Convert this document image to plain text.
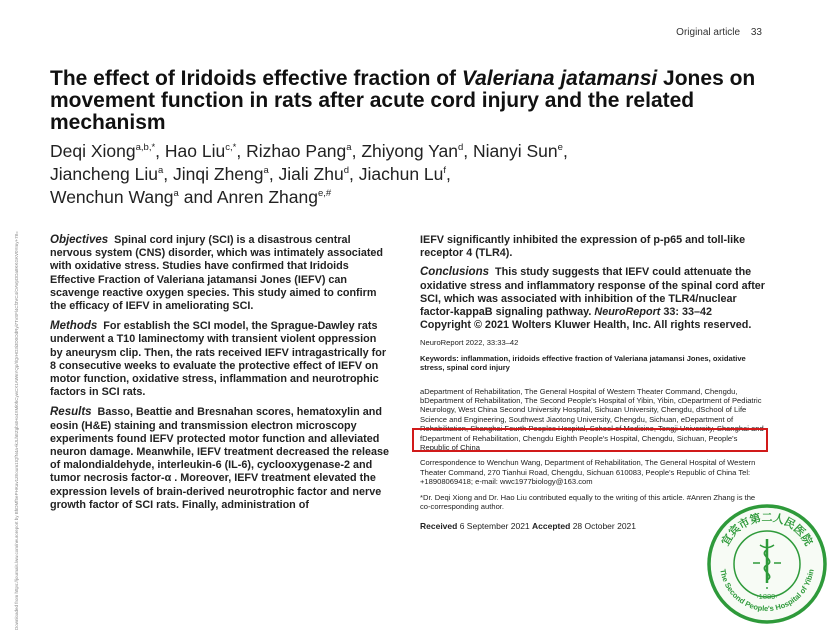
Original article 33
The effect of Iridoids effective fraction of Valeriana jatamansi Jones on movement function in rats after acute cord injury and the related mechanism
Deqi Xiong$^{a,b,*}$, Hao Liu$^{c,*}$, Rizhao Pang$^a$, Zhiyong Yan$^d$, Nianyi Sun$^e$,
Jiancheng Liu$^a$, Jinqi Zheng$^a$, Jiali Zhu$^d$, Jiachun Lu$^f$,
Wenchun Wang$^a$ and Anren Zhang$^{e,\#}$
Downloaded from https://journals.lww.com/neuroreport by BhDMf5ePHKav1zEoum1tQfN4a+kJLhEZgbsIHo4XMi0hCywCX1AWnYQp/IlQrHD3i3D0OdRyi7TvSFl4Cf3VC4/OAVpDDa8KKGKV0Ymy+78=	Objectives Spinal cord injury (SCI) is a disastrous central nervous system (CNS) disorder, which was intimately associated with oxidative stress. Studies have confirmed that Iridoids Effective Fraction of Valeriana jatamansi Jones (IEFV) can scavenge reactive oxygen species. This study aimed to confirm the efficacy of IEFV in ameliorating SCI.

Methods For establish the SCI model, the Sprague-Dawley rats underwent a T10 laminectomy with transient violent oppression by aneurysm clip. Then, the rats received IEFV intragastrically for 8 consecutive weeks to evaluate the protective effect of IEFV on motor function, oxidative stress, inflammation and neurotrophic factors in SCI rats.

Results Basso, Beattie and Bresnahan scores, hematoxylin and eosin (H&E) staining and transmission electron microscopy experiments found IEFV protected motor function and alleviated neuron damage. Meanwhile, IEFV treatment decreased the release of malondialdehyde, interleukin-6 (IL-6), cyclooxygenase-2 and tumor necrosis factor-α . Moreover, IEFV treatment elevated the expression levels of brain-derived neurotrophic factor and nerve growth factor of SCI rats. Finally, administration of

IEFV significantly inhibited the expression of p-p65 and toll-like receptor 4 (TLR4).

Conclusions This study suggests that IEFV could attenuate the oxidative stress and inflammatory response of the spinal cord after SCI, which was associated with inhibition of the TLR4/nuclear factor-kappaB signaling pathway. NeuroReport 33: 33–42 Copyright © 2021 Wolters Kluwer Health, Inc. All rights reserved.

NeuroReport 2022, 33:33–42

Keywords: inflammation, iridoids effective fraction of Valeriana jatamansi Jones, oxidative stress, spinal cord injury

aDepartment of Rehabilitation, The General Hospital of Western Theater Command, Chengdu, bDepartment of Rehabilitation, The Second People's Hospital of Yibin, Yibin, cDepartment of Pediatric Neurology, West China Second University Hospital, Sichuan University, Chengdu, dSchool of Life Science and Engineering, Southwest Jiaotong University, Chengdu, Sichuan, eDepartment of Rehabilitation, Shanghai Fourth Peoples Hospital, School of Medicine, Tongji University, Shanghai and fDepartment of Rehabilitation, Chengdu Eighth People's Hospital, Chengdu, Sichuan, People's Republic of China

Correspondence to Wenchun Wang, Department of Rehabilitation, The General Hospital of Western Theater Command, 270 Tianhui Road, Chengdu, Sichuan 610083, People's Republic of China Tel: +18908069418; e-mail: wwc1977biology@163.com

*Dr. Deqi Xiong and Dr. Hao Liu contributed equally to the writing of this article. #Anren Zhang is the co-corresponding author.

Received 6 September 2021 Accepted 28 October 2021

宜宾市第二人民医院
The Second People's Hospital of Yibin
·1889·
